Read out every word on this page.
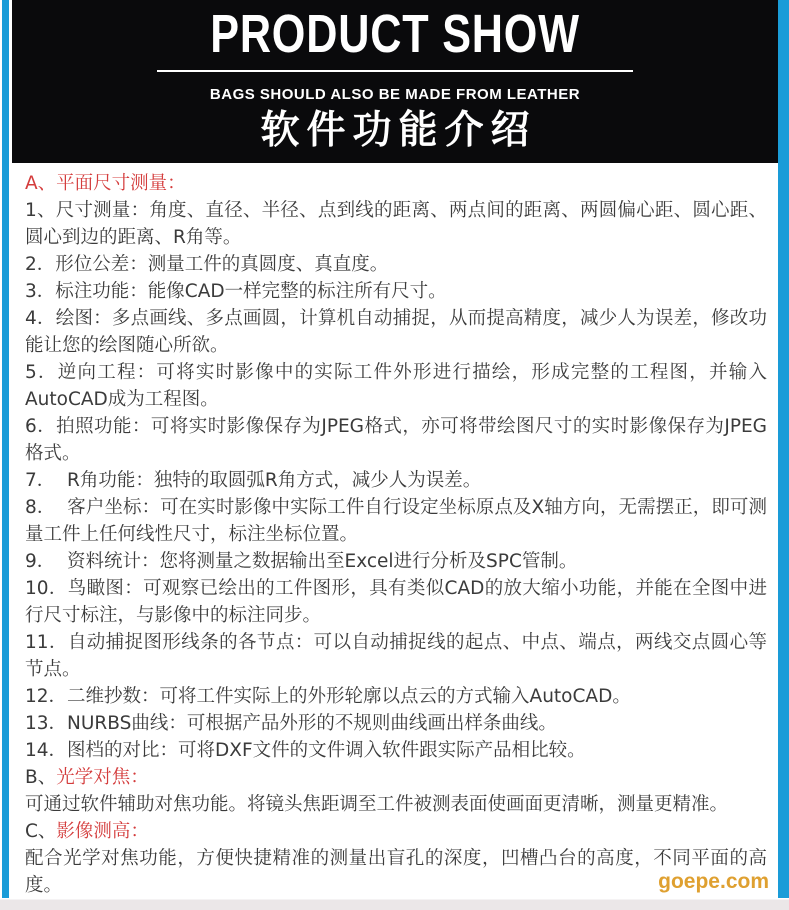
PRODUCT SHOW
BAGS SHOULD ALSO BE MADE FROM LEATHER
软件功能介绍

A、平面尺寸测量：

1、尺寸测量：角度、直径、半径、点到线的距离、两点间的距离、两圆偏心距、圆心距、圆心到边的距离、R角等。

2．形位公差：测量工件的真圆度、真直度。

3．标注功能：能像CAD一样完整的标注所有尺寸。

4．绘图：多点画线、多点画圆，计算机自动捕捉，从而提高精度，减少人为误差，修改功能让您的绘图随心所欲。

5．逆向工程：可将实时影像中的实际工件外形进行描绘，形成完整的工程图，并输入AutoCAD成为工程图。

6．拍照功能：可将实时影像保存为JPEG格式，亦可将带绘图尺寸的实时影像保存为JPEG格式。

7．  R角功能：独特的取圆弧R角方式，减少人为误差。

8．  客户坐标：可在实时影像中实际工件自行设定坐标原点及X轴方向，无需摆正，即可测量工件上任何线性尺寸，标注坐标位置。

9．  资料统计：您将测量之数据输出至Excel进行分析及SPC管制。

10．鸟瞰图：可观察已绘出的工件图形，具有类似CAD的放大缩小功能，并能在全图中进行尺寸标注，与影像中的标注同步。

11．自动捕捉图形线条的各节点：可以自动捕捉线的起点、中点、端点，两线交点圆心等节点。

12．二维抄数：可将工件实际上的外形轮廓以点云的方式输入AutoCAD。

13．NURBS曲线：可根据产品外形的不规则曲线画出样条曲线。

14．图档的对比：可将DXF文件的文件调入软件跟实际产品相比较。

B、光学对焦：

可通过软件辅助对焦功能。将镜头焦距调至工件被测表面使画面更清晰，测量更精准。

C、影像测高：

配合光学对焦功能，方便快捷精准的测量出盲孔的深度，凹槽凸台的高度，不同平面的高度。	goepe.com
